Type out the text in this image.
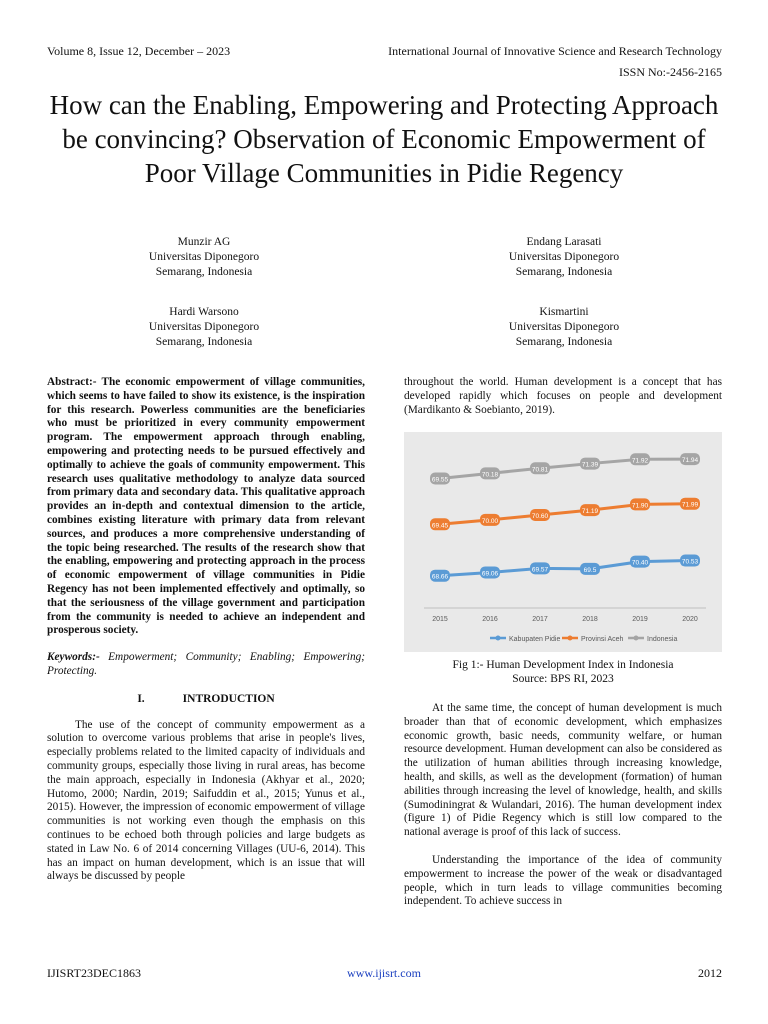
Volume 8, Issue 12, December – 2023	International Journal of Innovative Science and Research Technology
ISSN No:-2456-2165
How can the Enabling, Empowering and Protecting Approach be convincing? Observation of Economic Empowerment of Poor Village Communities in Pidie Regency
Munzir AG
Universitas Diponegoro
Semarang, Indonesia
Endang Larasati
Universitas Diponegoro
Semarang, Indonesia
Hardi Warsono
Universitas Diponegoro
Semarang, Indonesia
Kismartini
Universitas Diponegoro
Semarang, Indonesia

Abstract:- The economic empowerment of village communities, which seems to have failed to show its existence, is the inspiration for this research. Powerless communities are the beneficiaries who must be prioritized in every community empowerment program. The empowerment approach through enabling, empowering and protecting needs to be pursued effectively and optimally to achieve the goals of community empowerment. This research uses qualitative methodology to analyze data sourced from primary data and secondary data. This qualitative approach provides an in-depth and contextual dimension to the article, combines existing literature with primary data from relevant sources, and produces a more comprehensive understanding of the topic being researched. The results of the research show that the enabling, empowering and protecting approach in the process of economic empowerment of village communities in Pidie Regency has not been implemented effectively and optimally, so that the seriousness of the village government and participation from the community is needed to achieve an independent and prosperous society.

Keywords:- Empowerment; Community; Enabling; Empowering; Protecting.

I.	INTRODUCTION

The use of the concept of community empowerment as a solution to overcome various problems that arise in people's lives, especially problems related to the limited capacity of individuals and community groups, especially those living in rural areas, has become the main approach, especially in Indonesia (Akhyar et al., 2020; Hutomo, 2000; Nardin, 2019; Saifuddin et al., 2015; Yunus et al., 2015). However, the impression of economic empowerment of village communities is not working even though the emphasis on this continues to be echoed both through policies and large budgets as stated in Law No. 6 of 2014 concerning Villages (UU-6, 2014). This has an impact on human development, which is an issue that will always be discussed by people

throughout the world. Human development is a concept that has developed rapidly which focuses on people and development (Mardikanto & Soebianto, 2019).
68.66	69.06
69.57	69.5
70.40	70.53
69.45
70.00
70.60
71.19
71.90	71.99
69.55
70.18
70.81
71.39
71.92	71.94
2015	2016	2017	2018	2019	2020
Kabupaten Pidie	Provinsi Aceh	Indonesia
Fig 1:- Human Development Index in Indonesia
Source: BPS RI, 2023

At the same time, the concept of human development is much broader than that of economic development, which emphasizes economic growth, basic needs, community welfare, or human resource development. Human development can also be considered as the utilization of human abilities through increasing knowledge, health, and skills, as well as the development (formation) of human abilities through increasing the level of knowledge, health, and skills (Sumodiningrat & Wulandari, 2016). The human development index (figure 1) of Pidie Regency which is still low compared to the national average is proof of this lack of success.

Understanding the importance of the idea of community empowerment to increase the power of the weak or disadvantaged people, which in turn leads to village communities becoming independent. To achieve success in

IJISRT23DEC1863	www.ijisrt.com	2012
